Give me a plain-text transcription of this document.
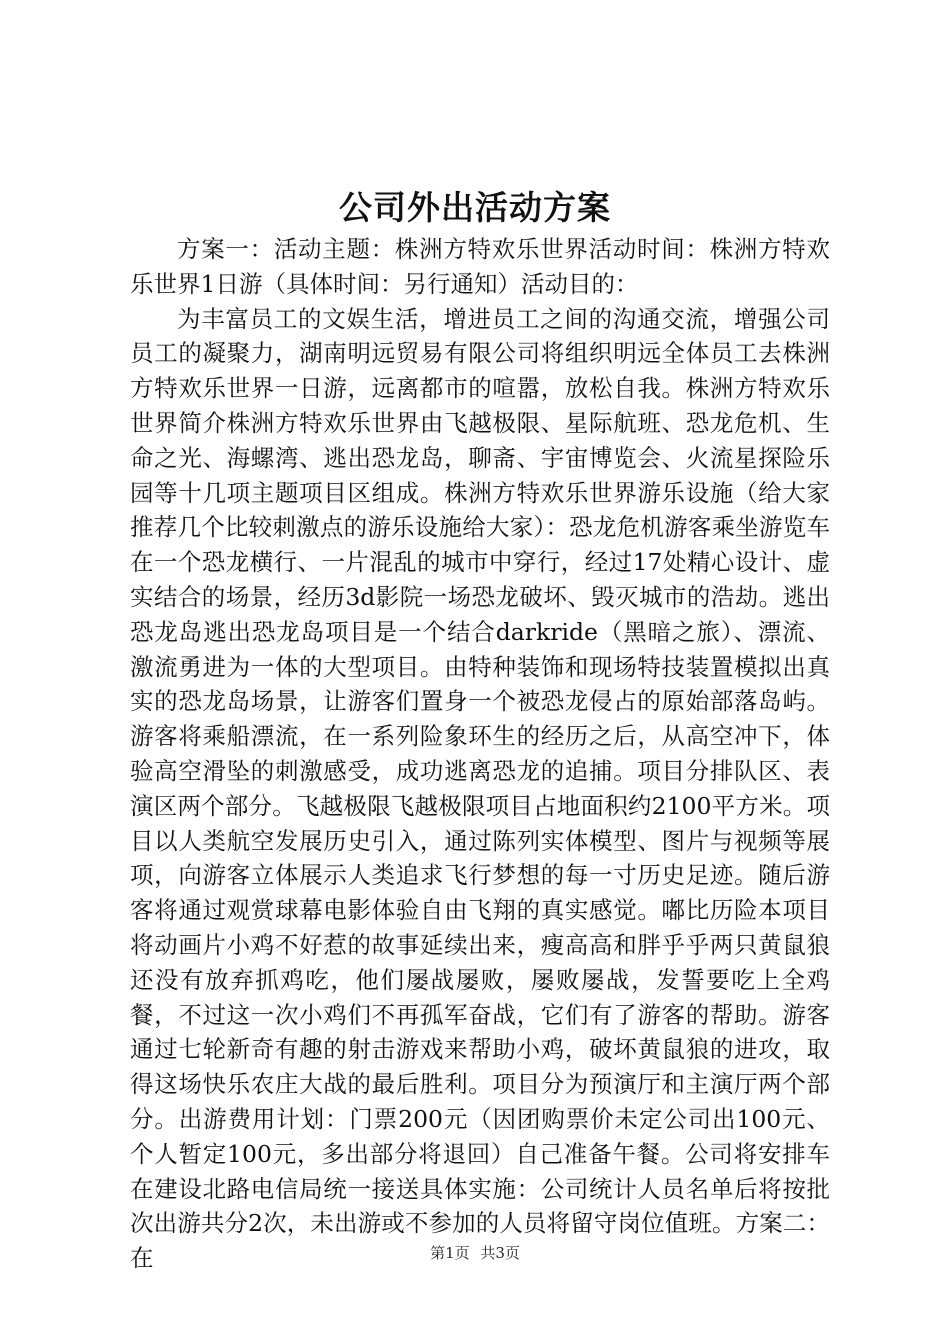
公司外出活动方案

方案一：活动主题：株洲方特欢乐世界活动时间：株洲方特欢乐世界1日游（具体时间：另行通知）活动目的：

为丰富员工的文娱生活，增进员工之间的沟通交流，增强公司员工的凝聚力，湖南明远贸易有限公司将组织明远全体员工去株洲方特欢乐世界一日游，远离都市的喧嚣，放松自我。株洲方特欢乐世界简介株洲方特欢乐世界由飞越极限、星际航班、恐龙危机、生命之光、海螺湾、逃出恐龙岛，聊斋、宇宙博览会、火流星探险乐园等十几项主题项目区组成。株洲方特欢乐世界游乐设施（给大家推荐几个比较刺激点的游乐设施给大家）：恐龙危机游客乘坐游览车在一个恐龙横行、一片混乱的城市中穿行，经过17处精心设计、虚实结合的场景，经历3d影院一场恐龙破坏、毁灭城市的浩劫。逃出恐龙岛逃出恐龙岛项目是一个结合darkride（黑暗之旅）、漂流、激流勇进为一体的大型项目。由特种装饰和现场特技装置模拟出真实的恐龙岛场景，让游客们置身一个被恐龙侵占的原始部落岛屿。游客将乘船漂流，在一系列险象环生的经历之后，从高空冲下，体验高空滑坠的刺激感受，成功逃离恐龙的追捕。项目分排队区、表演区两个部分。飞越极限飞越极限项目占地面积约2100平方米。项目以人类航空发展历史引入，通过陈列实体模型、图片与视频等展项，向游客立体展示人类追求飞行梦想的每一寸历史足迹。随后游客将通过观赏球幕电影体验自由飞翔的真实感觉。嘟比历险本项目将动画片小鸡不好惹的故事延续出来，瘦高高和胖乎乎两只黄鼠狼还没有放弃抓鸡吃，他们屡战屡败，屡败屡战，发誓要吃上全鸡餐，不过这一次小鸡们不再孤军奋战，它们有了游客的帮助。游客通过七轮新奇有趣的射击游戏来帮助小鸡，破坏黄鼠狼的进攻，取得这场快乐农庄大战的最后胜利。项目分为预演厅和主演厅两个部分。出游费用计划：门票200元（因团购票价未定公司出100元、个人暂定100元，多出部分将退回）自己准备午餐。公司将安排车在建设北路电信局统一接送具体实施：公司统计人员名单后将按批次出游共分2次，未出游或不参加的人员将留守岗位值班。方案二：在	第1页 共3页
